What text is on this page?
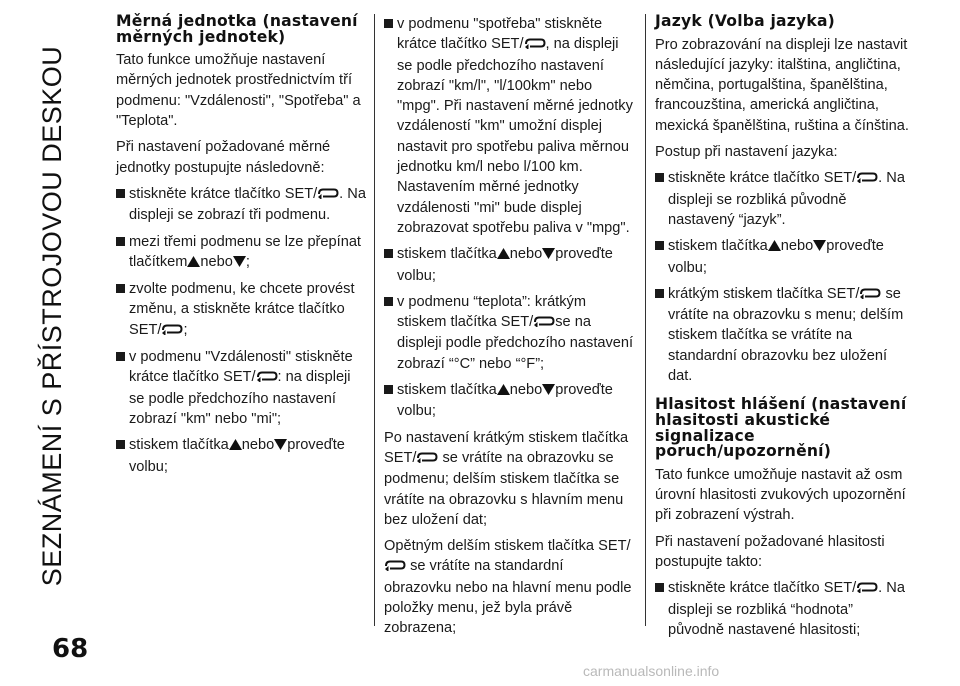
SEZNÁMENÍ S PŘÍSTROJOVOU DESKOU
68
carmanualsonline.info
Měrná jednotka (nastavení měrných jednotek)

Tato funkce umožňuje nastavení měrných jednotek prostřednictvím tří podmenu: "Vzdálenosti", "Spotřeba" a "Teplota".

Při nastavení požadované měrné jednotky postupujte následovně:

stiskněte krátce tlačítko SET/ . Na displeji se zobrazí tři podmenu.
mezi třemi podmenu se lze přepínat tlačítkem nebo ;
zvolte podmenu, ke chcete provést změnu, a stiskněte krátce tlačítko SET/ ;
v podmenu "Vzdálenosti" stiskněte krátce tlačítko SET/ : na displeji se podle předchozího nastavení zobrazí "km" nebo "mi";
stiskem tlačítka nebo proveďte volbu;
v podmenu "spotřeba" stiskněte krátce tlačítko SET/ , na displeji se podle předchozího nastavení zobrazí "km/l", "l/100km" nebo "mpg". Při nastavení měrné jednotky vzdáleností "km" umožní displej nastavit pro spotřebu paliva měrnou jednotku km/l nebo l/100 km. Nastavením měrné jednotky vzdálenosti "mi" bude displej zobrazovat spotřebu paliva v "mpg".
stiskem tlačítka nebo proveďte volbu;
v podmenu “teplota”: krátkým stiskem tlačítka SET/ se na displeji podle předchozího nastavení zobrazí “°C” nebo “°F”;
stiskem tlačítka nebo proveďte volbu;

Po nastavení krátkým stiskem tlačítka SET/ se vrátíte na obrazovku se podmenu; delším stiskem tlačítka se vrátíte na obrazovku s hlavním menu bez uložení dat;

Opětným delším stiskem tlačítka SET/  se vrátíte na standardní obrazovku nebo na hlavní menu podle položky menu, jež byla právě zobrazena;

Jazyk (Volba jazyka)

Pro zobrazování na displeji lze nastavit následující jazyky: italština, angličtina, němčina, portugalština, španělština, francouzština, americká angličtina, mexická španělština, ruština a čínština.

Postup při nastavení jazyka:

stiskněte krátce tlačítko SET/ . Na displeji se rozbliká původně nastavený “jazyk”.
stiskem tlačítka nebo proveďte volbu;
krátkým stiskem tlačítka SET/ se vrátíte na obrazovku s menu; delším stiskem tlačítka se vrátíte na standardní obrazovku bez uložení dat.
Hlasitost hlášení (nastavení hlasitosti akustické signalizace poruch/upozornění)

Tato funkce umožňuje nastavit až osm úrovní hlasitosti zvukových upozornění při zobrazení výstrah.

Při nastavení požadované hlasitosti postupujte takto:

stiskněte krátce tlačítko SET/ . Na displeji se rozbliká “hodnota” původně nastavené hlasitosti;
